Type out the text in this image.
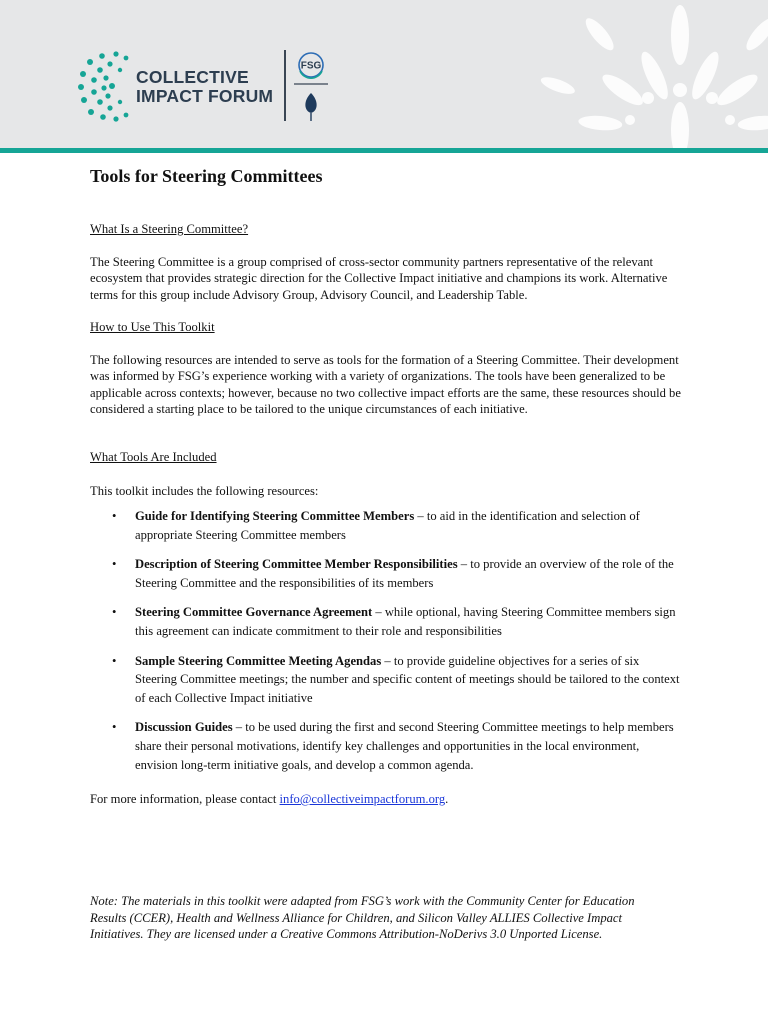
COLLECTIVE
IMPACT FORUM
FSG
Tools for Steering Committees

What Is a Steering Committee?

The Steering Committee is a group comprised of cross-sector community partners representative of the relevant ecosystem that provides strategic direction for the Collective Impact initiative and champions its work. Alternative terms for this group include Advisory Group, Advisory Council, and Leadership Table.

How to Use This Toolkit

The following resources are intended to serve as tools for the formation of a Steering Committee. Their development was informed by FSG’s experience working with a variety of organizations. The tools have been generalized to be applicable across contexts; however, because no two collective impact efforts are the same, these resources should be considered a starting place to be tailored to the unique circumstances of each initiative.

What Tools Are Included

This toolkit includes the following resources:

• Guide for Identifying Steering Committee Members – to aid in the identification and selection of appropriate Steering Committee members
• Description of Steering Committee Member Responsibilities – to provide an overview of the role of the Steering Committee and the responsibilities of its members
• Steering Committee Governance Agreement – while optional, having Steering Committee members sign this agreement can indicate commitment to their role and responsibilities
• Sample Steering Committee Meeting Agendas – to provide guideline objectives for a series of six Steering Committee meetings; the number and specific content of meetings should be tailored to the context of each Collective Impact initiative
• Discussion Guides – to be used during the first and second Steering Committee meetings to help members share their personal motivations, identify key challenges and opportunities in the local environment, envision long-term initiative goals, and develop a common agenda.

For more information, please contact info@collectiveimpactforum.org.

Note: The materials in this toolkit were adapted from FSG’s work with the Community Center for Education Results (CCER), Health and Wellness Alliance for Children, and Silicon Valley ALLIES Collective Impact Initiatives. They are licensed under a Creative Commons Attribution-NoDerivs 3.0 Unported License.
